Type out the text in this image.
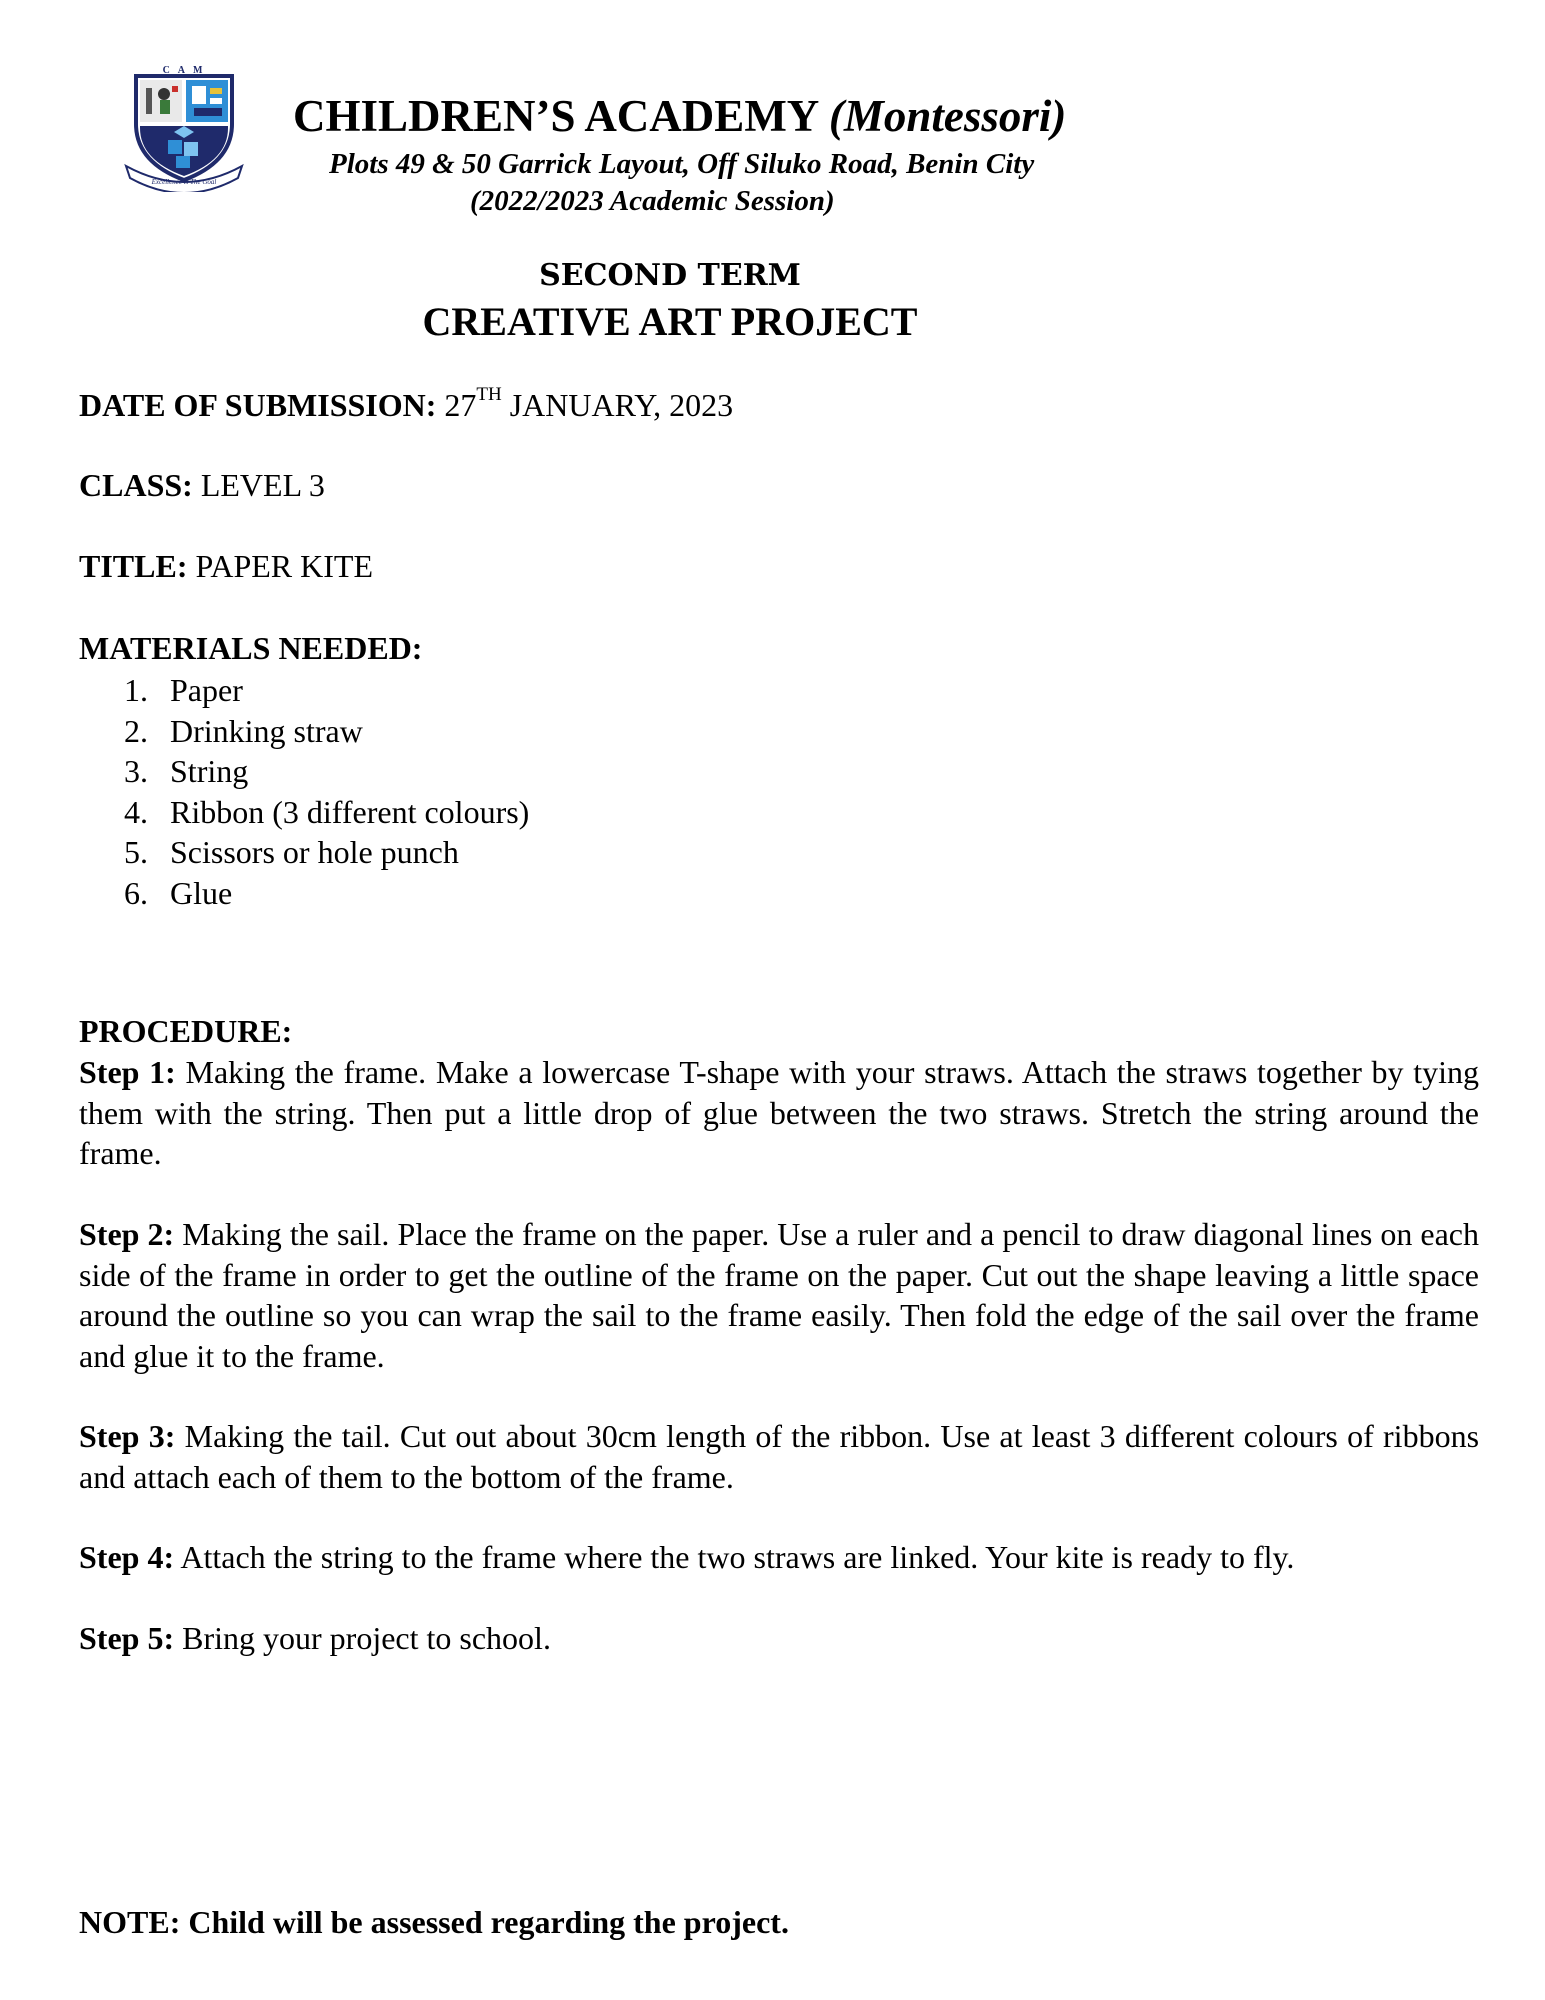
C A M
Excellence is The Goal
CHILDREN’S ACADEMY (Montessori)
Plots 49 & 50 Garrick Layout, Off Siluko Road, Benin City
(2022/2023 Academic Session)
SECOND TERM
CREATIVE ART PROJECT
DATE OF SUBMISSION: 27TH JANUARY, 2023
CLASS: LEVEL 3
TITLE: PAPER KITE
MATERIALS NEEDED:
1. Paper
2. Drinking straw
3. String
4. Ribbon (3 different colours)
5. Scissors or hole punch
6. Glue
PROCEDURE:

Step 1: Making the frame. Make a lowercase T-shape with your straws. Attach the straws together by tying them with the string. Then put a little drop of glue between the two straws. Stretch the string around the frame.

Step 2: Making the sail. Place the frame on the paper. Use a ruler and a pencil to draw diagonal lines on each side of the frame in order to get the outline of the frame on the paper. Cut out the shape leaving a little space around the outline so you can wrap the sail to the frame easily. Then fold the edge of the sail over the frame and glue it to the frame.

Step 3: Making the tail. Cut out about 30cm length of the ribbon. Use at least 3 different colours of ribbons and attach each of them to the bottom of the frame.

Step 4: Attach the string to the frame where the two straws are linked. Your kite is ready to fly.

Step 5: Bring your project to school.

NOTE: Child will be assessed regarding the project.
